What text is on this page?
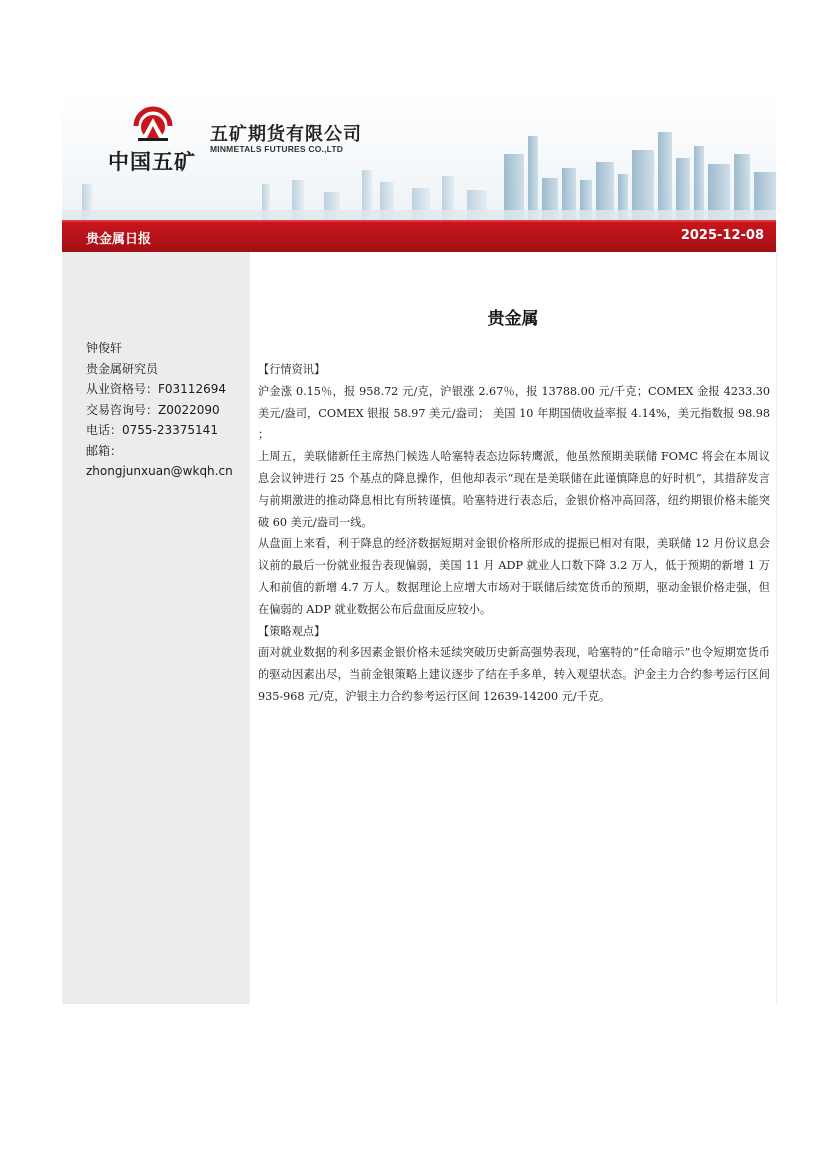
中国五矿
五矿期货有限公司
MINMETALS FUTURES CO.,LTD
贵金属日报	2025-12-08
钟俊轩
贵金属研究员
从业资格号：F03112694
交易咨询号：Z0022090
电话：0755-23375141
邮箱：
zhongjunxuan@wkqh.cn
贵金属

【行情资讯】

沪金涨 0.15％，报 958.72 元/克，沪银涨 2.67％，报 13788.00 元/千克；COMEX 金报 4233.30 美元/盎司，COMEX 银报 58.97 美元/盎司； 美国 10 年期国债收益率报 4.14%，美元指数报 98.98 ；

上周五，美联储新任主席热门候选人哈塞特表态边际转鹰派，他虽然预期美联储 FOMC 将会在本周议息会议钟进行 25 个基点的降息操作，但他却表示“现在是美联储在此谨慎降息的好时机”，其措辞发言与前期激进的推动降息相比有所转谨慎。哈塞特进行表态后，金银价格冲高回落，纽约期银价格未能突破 60 美元/盎司一线。

从盘面上来看，利于降息的经济数据短期对金银价格所形成的提振已相对有限，美联储 12 月份议息会议前的最后一份就业报告表现偏弱，美国 11 月 ADP 就业人口数下降 3.2 万人，低于预期的新增 1 万人和前值的新增 4.7 万人。数据理论上应增大市场对于联储后续宽货币的预期，驱动金银价格走强，但在偏弱的 ADP 就业数据公布后盘面反应较小。

【策略观点】

面对就业数据的利多因素金银价格未延续突破历史新高强势表现，哈塞特的“任命暗示”也令短期宽货币的驱动因素出尽，当前金银策略上建议逐步了结在手多单，转入观望状态。沪金主力合约参考运行区间 935-968 元/克，沪银主力合约参考运行区间 12639-14200 元/千克。
